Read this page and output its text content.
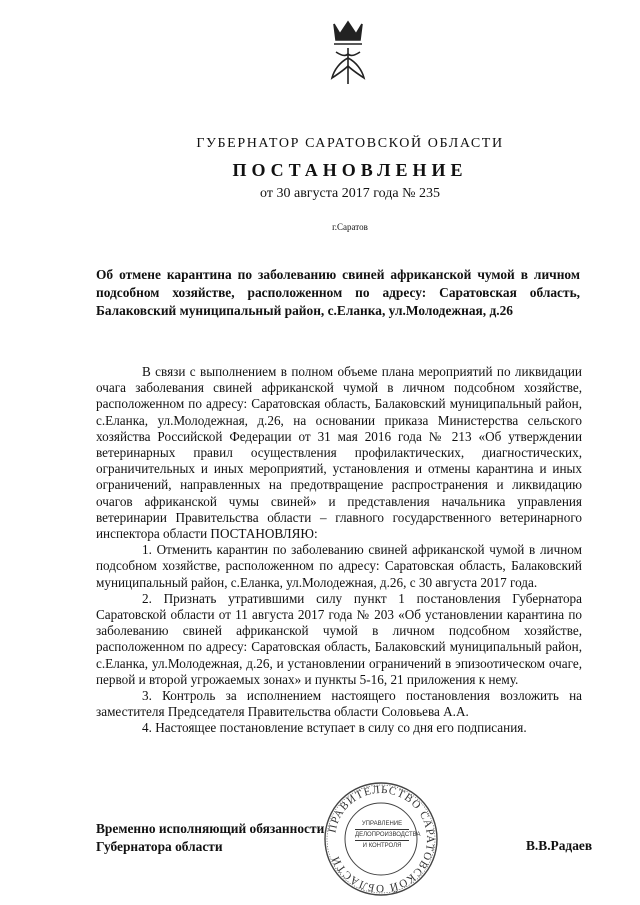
ГУБЕРНАТОР САРАТОВСКОЙ ОБЛАСТИ
ПОСТАНОВЛЕНИЕ
от 30 августа 2017 года № 235
г.Саратов
Об отмене карантина по заболеванию свиней африканской чумой в личном подсобном хозяйстве, расположенном по адресу: Саратовская область, Балаковский муниципальный район, с.Еланка, ул.Молодежная, д.26

В связи с выполнением в полном объеме плана мероприятий по ликвидации очага заболевания свиней африканской чумой в личном подсобном хозяйстве, расположенном по адресу: Саратовская область, Балаковский муниципальный район, с.Еланка, ул.Молодежная, д.26, на основании приказа Министерства сельского хозяйства Российской Федерации от 31 мая 2016 года № 213 «Об утверждении ветеринарных правил осуществления профилактических, диагностических, ограничительных и иных мероприятий, установления и отмены карантина и иных ограничений, направленных на предотвращение распространения и ликвидацию очагов африканской чумы свиней» и представления начальника управления ветеринарии Правительства области – главного государственного ветеринарного инспектора области ПОСТАНОВЛЯЮ:

1. Отменить карантин по заболеванию свиней африканской чумой в личном подсобном хозяйстве, расположенном по адресу: Саратовская область, Балаковский муниципальный район, с.Еланка, ул.Молодежная, д.26, с 30 августа 2017 года.

2. Признать утратившими силу пункт 1 постановления Губернатора Саратовской области от 11 августа 2017 года № 203 «Об установлении карантина по заболеванию свиней африканской чумой в личном подсобном хозяйстве, расположенном по адресу: Саратовская область, Балаковский муниципальный район, с.Еланка, ул.Молодежная, д.26, и установлении ограничений в эпизоотическом очаге, первой и второй угрожаемых зонах» и пункты 5-16, 21 приложения к нему.

3. Контроль за исполнением настоящего постановления возложить на заместителя Председателя Правительства области Соловьева А.А.

4. Настоящее постановление вступает в силу со дня его подписания.

ПРАВИТЕЛЬСТВО САРАТОВСКОЙ ОБЛАСТИ
УПРАВЛЕНИЕ
ДЕЛОПРОИЗВОДСТВА
И КОНТРОЛЯ
Временно исполняющий обязанности
Губернатора области	В.В.Радаев
